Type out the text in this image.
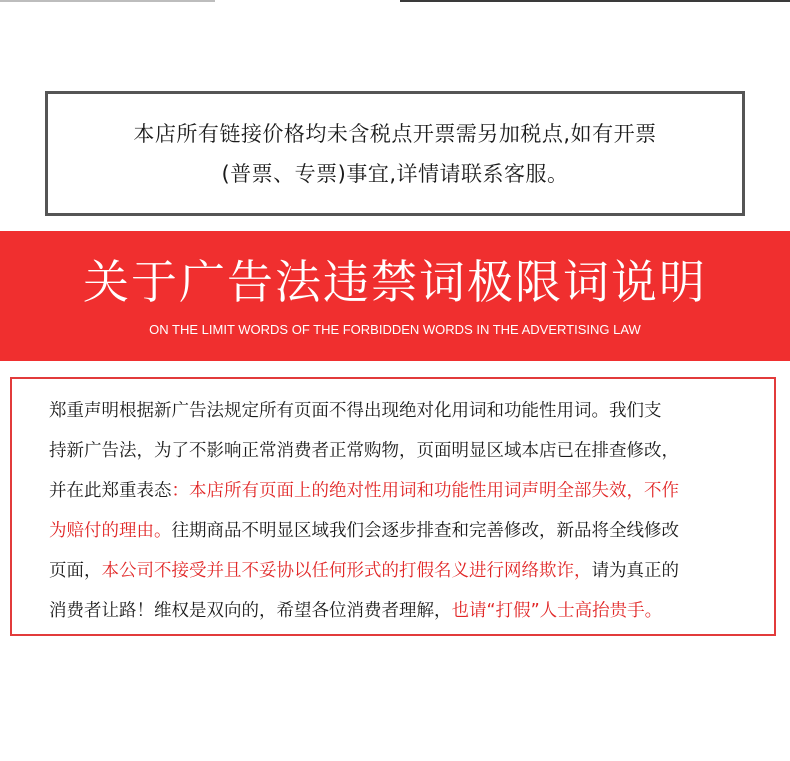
本店所有链接价格均未含税点开票需另加税点,如有开票
(普票、专票)事宜,详情请联系客服。
关于广告法违禁词极限词说明
ON THE LIMIT WORDS OF THE FORBIDDEN WORDS IN THE ADVERTISING LAW
郑重声明根据新广告法规定所有页面不得出现绝对化用词和功能性用词。我们支
持新广告法，为了不影响正常消费者正常购物，页面明显区域本店已在排查修改，
并在此郑重表态：本店所有页面上的绝对性用词和功能性用词声明全部失效，不作
为赔付的理由。往期商品不明显区域我们会逐步排查和完善修改，新品将全线修改
页面，本公司不接受并且不妥协以任何形式的打假名义进行网络欺诈，请为真正的
消费者让路！维权是双向的，希望各位消费者理解，也请“打假”人士高抬贵手。
